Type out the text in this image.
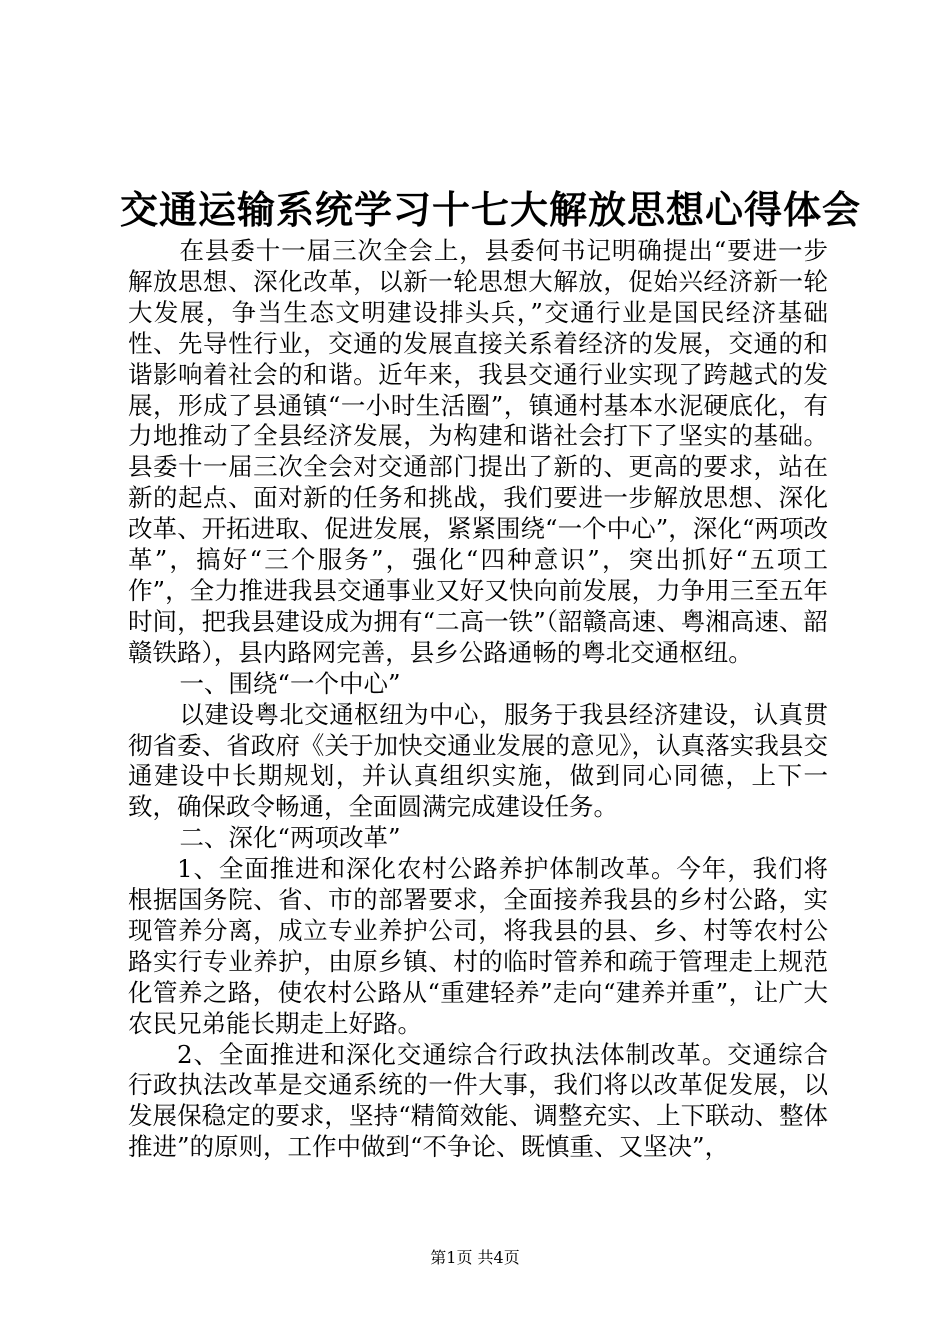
交通运输系统学习十七大解放思想心得体会

在县委十一届三次全会上，县委何书记明确提出“要进一步解放思想、深化改革，以新一轮思想大解放，促始兴经济新一轮大发展，争当生态文明建设排头兵，”交通行业是国民经济基础性、先导性行业，交通的发展直接关系着经济的发展，交通的和谐影响着社会的和谐。近年来，我县交通行业实现了跨越式的发展，形成了县通镇“一小时生活圈”，镇通村基本水泥硬底化，有力地推动了全县经济发展，为构建和谐社会打下了坚实的基础。县委十一届三次全会对交通部门提出了新的、更高的要求，站在新的起点、面对新的任务和挑战，我们要进一步解放思想、深化改革、开拓进取、促进发展，紧紧围绕“一个中心”，深化“两项改革”，搞好“三个服务”，强化“四种意识”，突出抓好“五项工作”，全力推进我县交通事业又好又快向前发展，力争用三至五年时间，把我县建设成为拥有“二高一铁”（韶赣高速、粤湘高速、韶赣铁路），县内路网完善，县乡公路通畅的粤北交通枢纽。

一、围绕“一个中心”

以建设粤北交通枢纽为中心，服务于我县经济建设，认真贯彻省委、省政府《关于加快交通业发展的意见》，认真落实我县交通建设中长期规划，并认真组织实施，做到同心同德，上下一致，确保政令畅通，全面圆满完成建设任务。

二、深化“两项改革”

1、全面推进和深化农村公路养护体制改革。今年，我们将根据国务院、省、市的部署要求，全面接养我县的乡村公路，实现管养分离，成立专业养护公司，将我县的县、乡、村等农村公路实行专业养护，由原乡镇、村的临时管养和疏于管理走上规范化管养之路，使农村公路从“重建轻养”走向“建养并重”，让广大农民兄弟能长期走上好路。

2、全面推进和深化交通综合行政执法体制改革。交通综合行政执法改革是交通系统的一件大事，我们将以改革促发展，以发展保稳定的要求，坚持“精简效能、调整充实、上下联动、整体推进”的原则，工作中做到“不争论、既慎重、又坚决”，

第1页 共4页
